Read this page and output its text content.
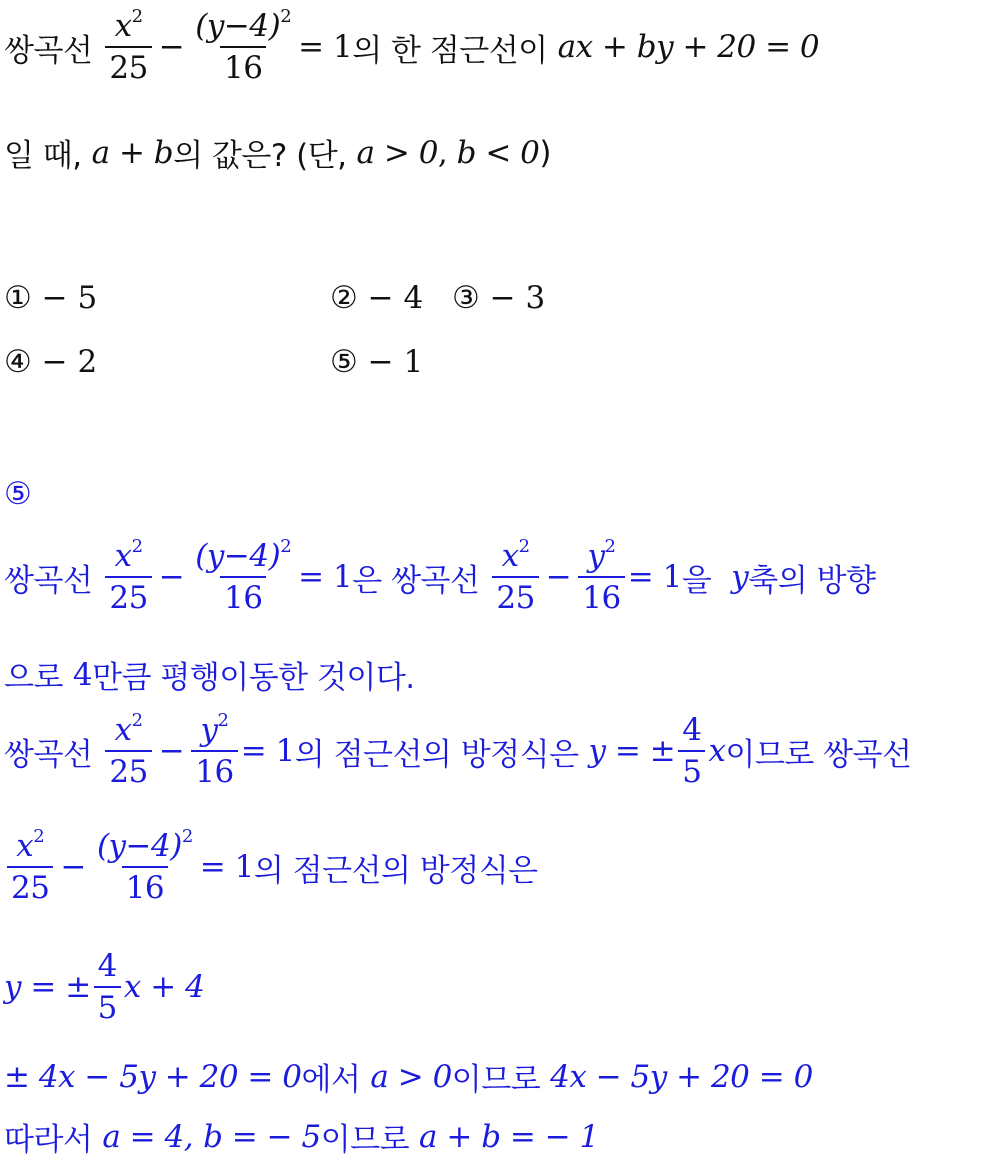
쌍곡선 $\frac{x^2}{25} - \frac{(y-4)^2}{16} = 1$ 의 한 점근선이 ax + by + 20 = 0
일 때, a + b 의 값은? (단, a > 0 , b < 0 )
① − 5	② − 4 ③ − 3
④ − 2	⑤ − 1
⑤
쌍곡선 $\frac{x^2}{25} - \frac{(y-4)^2}{16} = 1$ 은 쌍곡선 $\frac{x^2}{25} - \frac{y^2}{16} = 1$ 을 y 축의 방향
으로 4 만큼 평행이동한 것이다.
쌍곡선 $\frac{x^2}{25} - \frac{y^2}{16} = 1$ 의 점근선의 방정식은 y = ± $\frac{4}{5}$ x 이므로 쌍곡선
$\frac{x^2}{25} - \frac{(y-4)^2}{16} = 1$ 의 점근선의 방정식은
y = ± $\frac{4}{5}$ x + 4
± 4x − 5y + 20 = 0 에서 a > 0 이므로 4x − 5y + 20 = 0
따라서 a = 4, b = − 5 이므로 a + b = − 1
